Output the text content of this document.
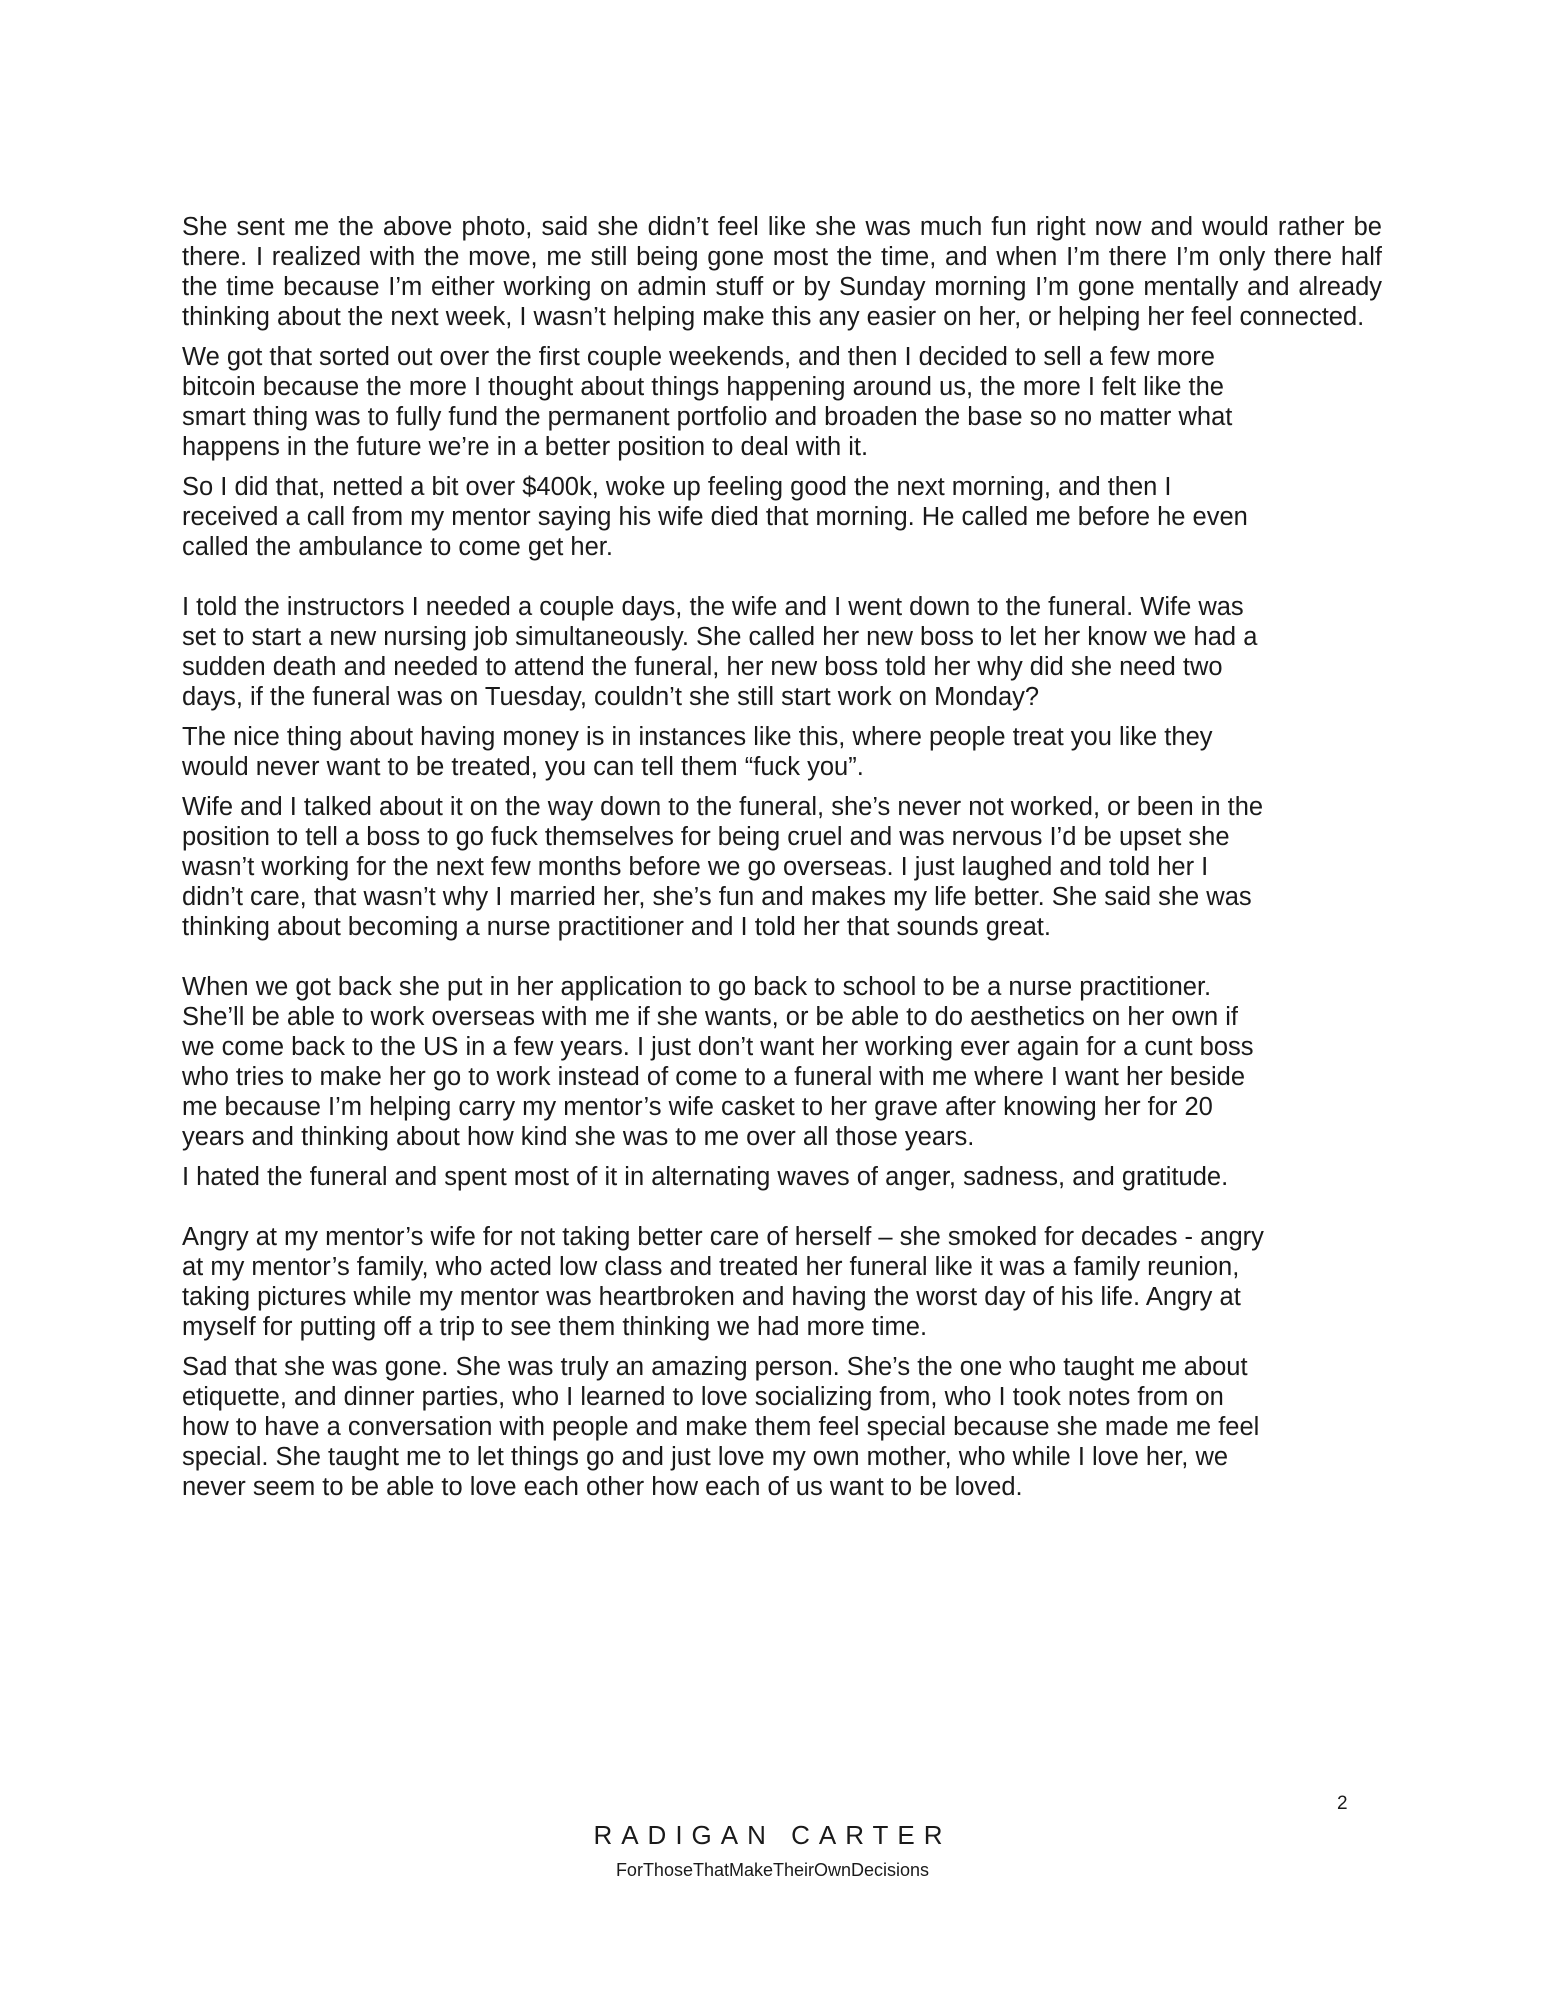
She sent me the above photo, said she didn’t feel like she was much fun right now and would rather be there. I realized with the move, me still being gone most the time, and when I’m there I’m only there half the time because I’m either working on admin stuff or by Sunday morning I’m gone mentally and already thinking about the next week, I wasn’t helping make this any easier on her, or helping her feel connected.

We got that sorted out over the first couple weekends, and then I decided to sell a few more
bitcoin because the more I thought about things happening around us, the more I felt like the
smart thing was to fully fund the permanent portfolio and broaden the base so no matter what
happens in the future we’re in a better position to deal with it.

So I did that, netted a bit over $400k, woke up feeling good the next morning, and then I
received a call from my mentor saying his wife died that morning. He called me before he even
called the ambulance to come get her.

I told the instructors I needed a couple days, the wife and I went down to the funeral. Wife was
set to start a new nursing job simultaneously. She called her new boss to let her know we had a
sudden death and needed to attend the funeral, her new boss told her why did she need two
days, if the funeral was on Tuesday, couldn’t she still start work on Monday?

The nice thing about having money is in instances like this, where people treat you like they
would never want to be treated, you can tell them “fuck you”.

Wife and I talked about it on the way down to the funeral, she’s never not worked, or been in the
position to tell a boss to go fuck themselves for being cruel and was nervous I’d be upset she
wasn’t working for the next few months before we go overseas. I just laughed and told her I
didn’t care, that wasn’t why I married her, she’s fun and makes my life better. She said she was
thinking about becoming a nurse practitioner and I told her that sounds great.

When we got back she put in her application to go back to school to be a nurse practitioner.
She’ll be able to work overseas with me if she wants, or be able to do aesthetics on her own if
we come back to the US in a few years. I just don’t want her working ever again for a cunt boss
who tries to make her go to work instead of come to a funeral with me where I want her beside
me because I’m helping carry my mentor’s wife casket to her grave after knowing her for 20
years and thinking about how kind she was to me over all those years.

I hated the funeral and spent most of it in alternating waves of anger, sadness, and gratitude.

Angry at my mentor’s wife for not taking better care of herself – she smoked for decades - angry
at my mentor’s family, who acted low class and treated her funeral like it was a family reunion,
taking pictures while my mentor was heartbroken and having the worst day of his life. Angry at
myself for putting off a trip to see them thinking we had more time.

Sad that she was gone. She was truly an amazing person. She’s the one who taught me about
etiquette, and dinner parties, who I learned to love socializing from, who I took notes from on
how to have a conversation with people and make them feel special because she made me feel
special. She taught me to let things go and just love my own mother, who while I love her, we
never seem to be able to love each other how each of us want to be loved.

2
RADIGAN CARTER
ForThoseThatMakeTheirOwnDecisions
